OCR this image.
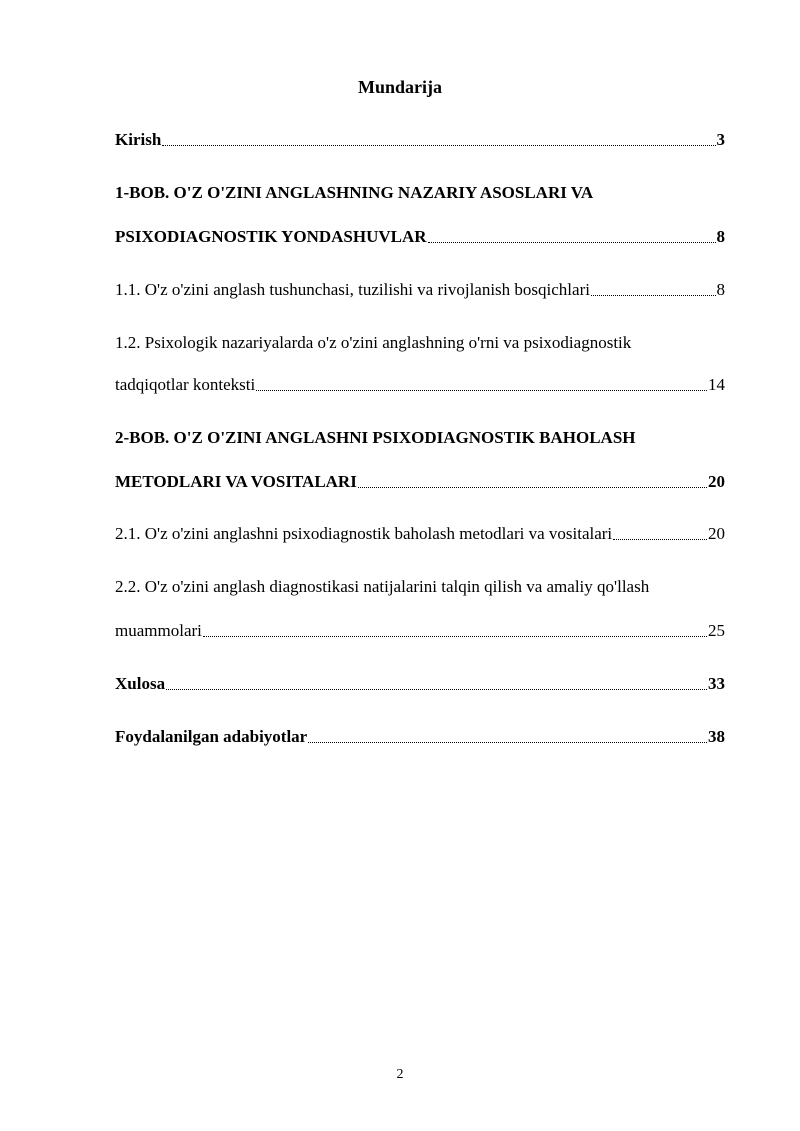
Mundarija
Kirish	3
1-BOB. O'Z O'ZINI ANGLASHNING NAZARIY ASOSLARI VA
PSIXODIAGNOSTIK YONDASHUVLAR	8
1.1. O'z o'zini anglash tushunchasi, tuzilishi va rivojlanish bosqichlari	8
1.2. Psixologik nazariyalarda o'z o'zini anglashning o'rni va psixodiagnostik
tadqiqotlar konteksti	14
2-BOB. O'Z O'ZINI ANGLASHNI PSIXODIAGNOSTIK BAHOLASH
METODLARI VA VOSITALARI	20
2.1. O'z o'zini anglashni psixodiagnostik baholash metodlari va vositalari	20
2.2. O'z o'zini anglash diagnostikasi natijalarini talqin qilish va amaliy qo'llash
muammolari	25
Xulosa	33
Foydalanilgan adabiyotlar	38
2
